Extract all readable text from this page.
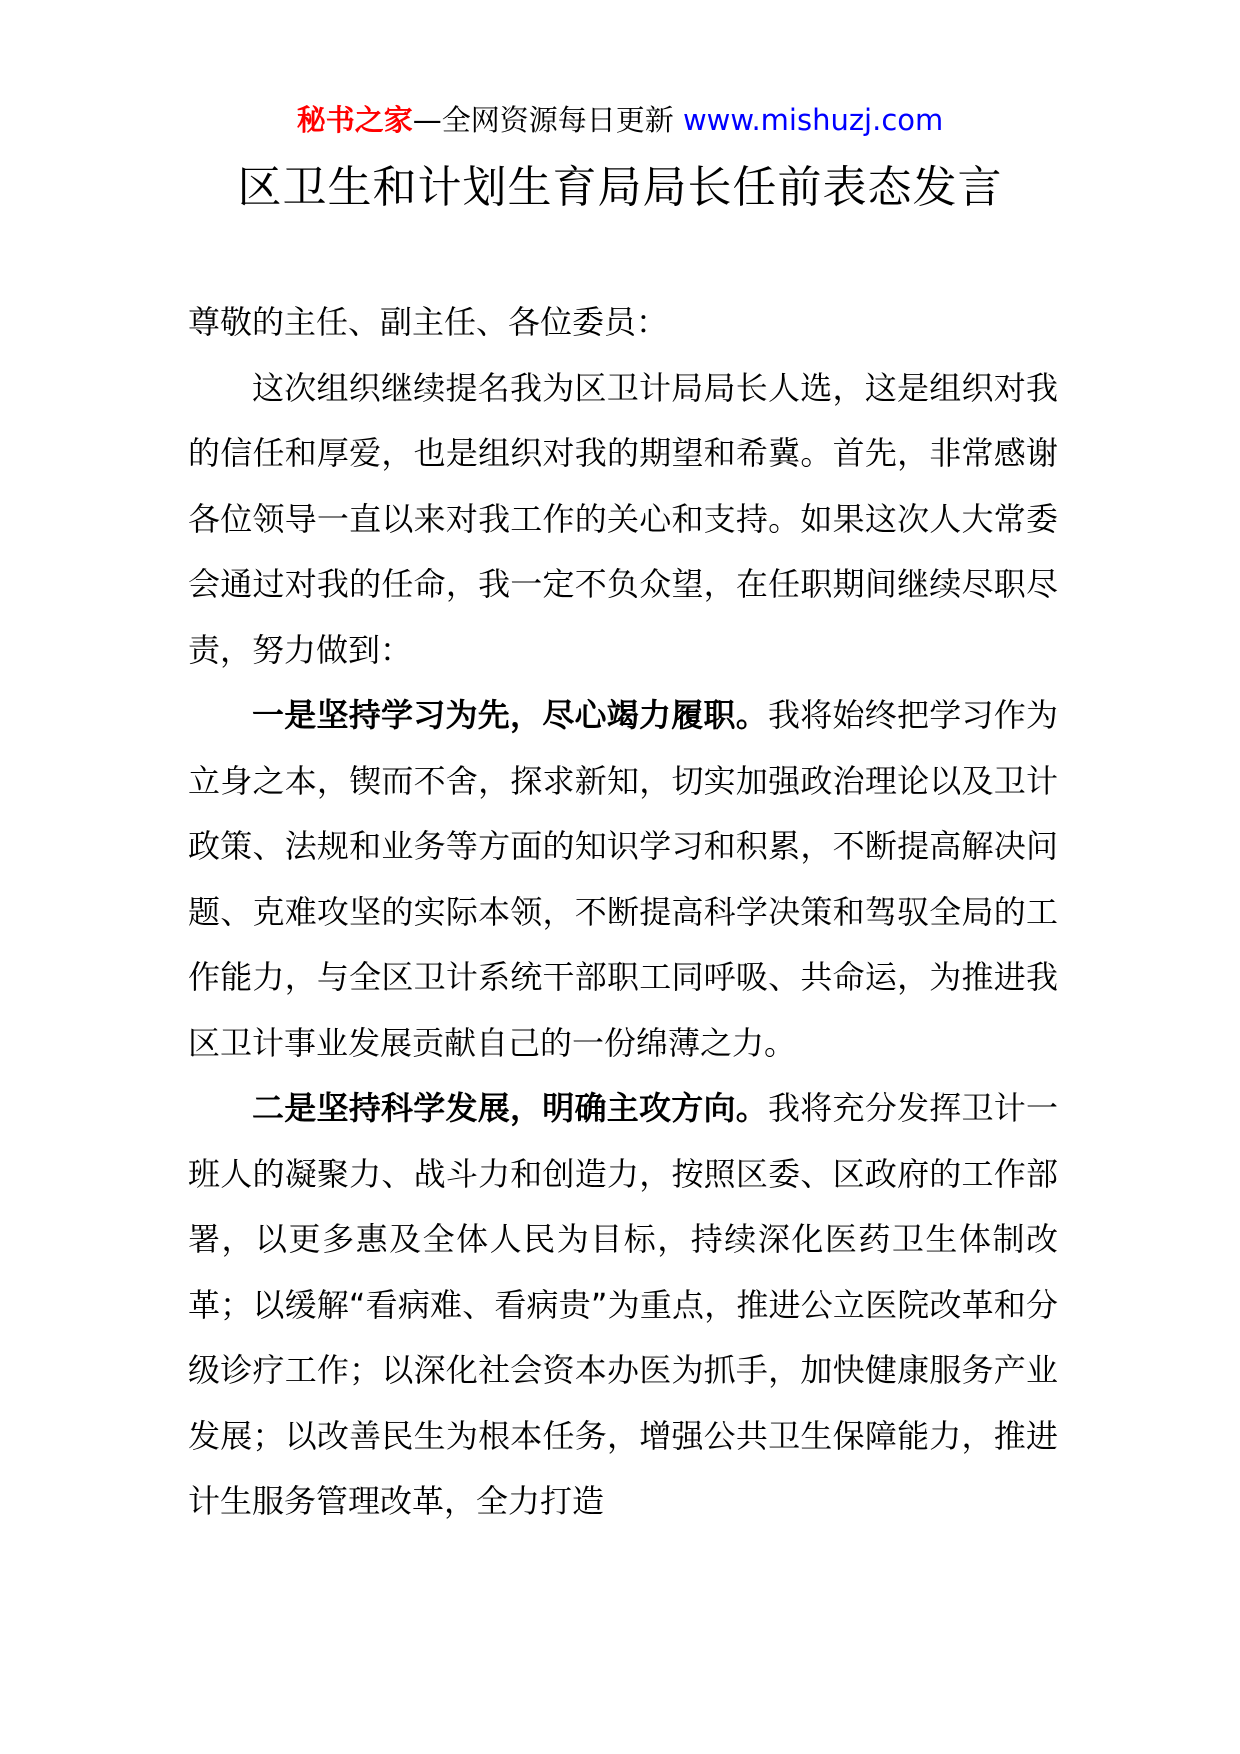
秘书之家—全网资源每日更新 www.mishuzj.com
区卫生和计划生育局局长任前表态发言

尊敬的主任、副主任、各位委员：

这次组织继续提名我为区卫计局局长人选，这是组织对我的信任和厚爱，也是组织对我的期望和希冀。首先，非常感谢各位领导一直以来对我工作的关心和支持。如果这次人大常委会通过对我的任命，我一定不负众望，在任职期间继续尽职尽责，努力做到：

一是坚持学习为先，尽心竭力履职。我将始终把学习作为立身之本，锲而不舍，探求新知，切实加强政治理论以及卫计政策、法规和业务等方面的知识学习和积累，不断提高解决问题、克难攻坚的实际本领，不断提高科学决策和驾驭全局的工作能力，与全区卫计系统干部职工同呼吸、共命运，为推进我区卫计事业发展贡献自己的一份绵薄之力。

二是坚持科学发展，明确主攻方向。我将充分发挥卫计一班人的凝聚力、战斗力和创造力，按照区委、区政府的工作部署，以更多惠及全体人民为目标，持续深化医药卫生体制改革；以缓解“看病难、看病贵”为重点，推进公立医院改革和分级诊疗工作；以深化社会资本办医为抓手，加快健康服务产业发展；以改善民生为根本任务，增强公共卫生保障能力，推进计生服务管理改革，全力打造
